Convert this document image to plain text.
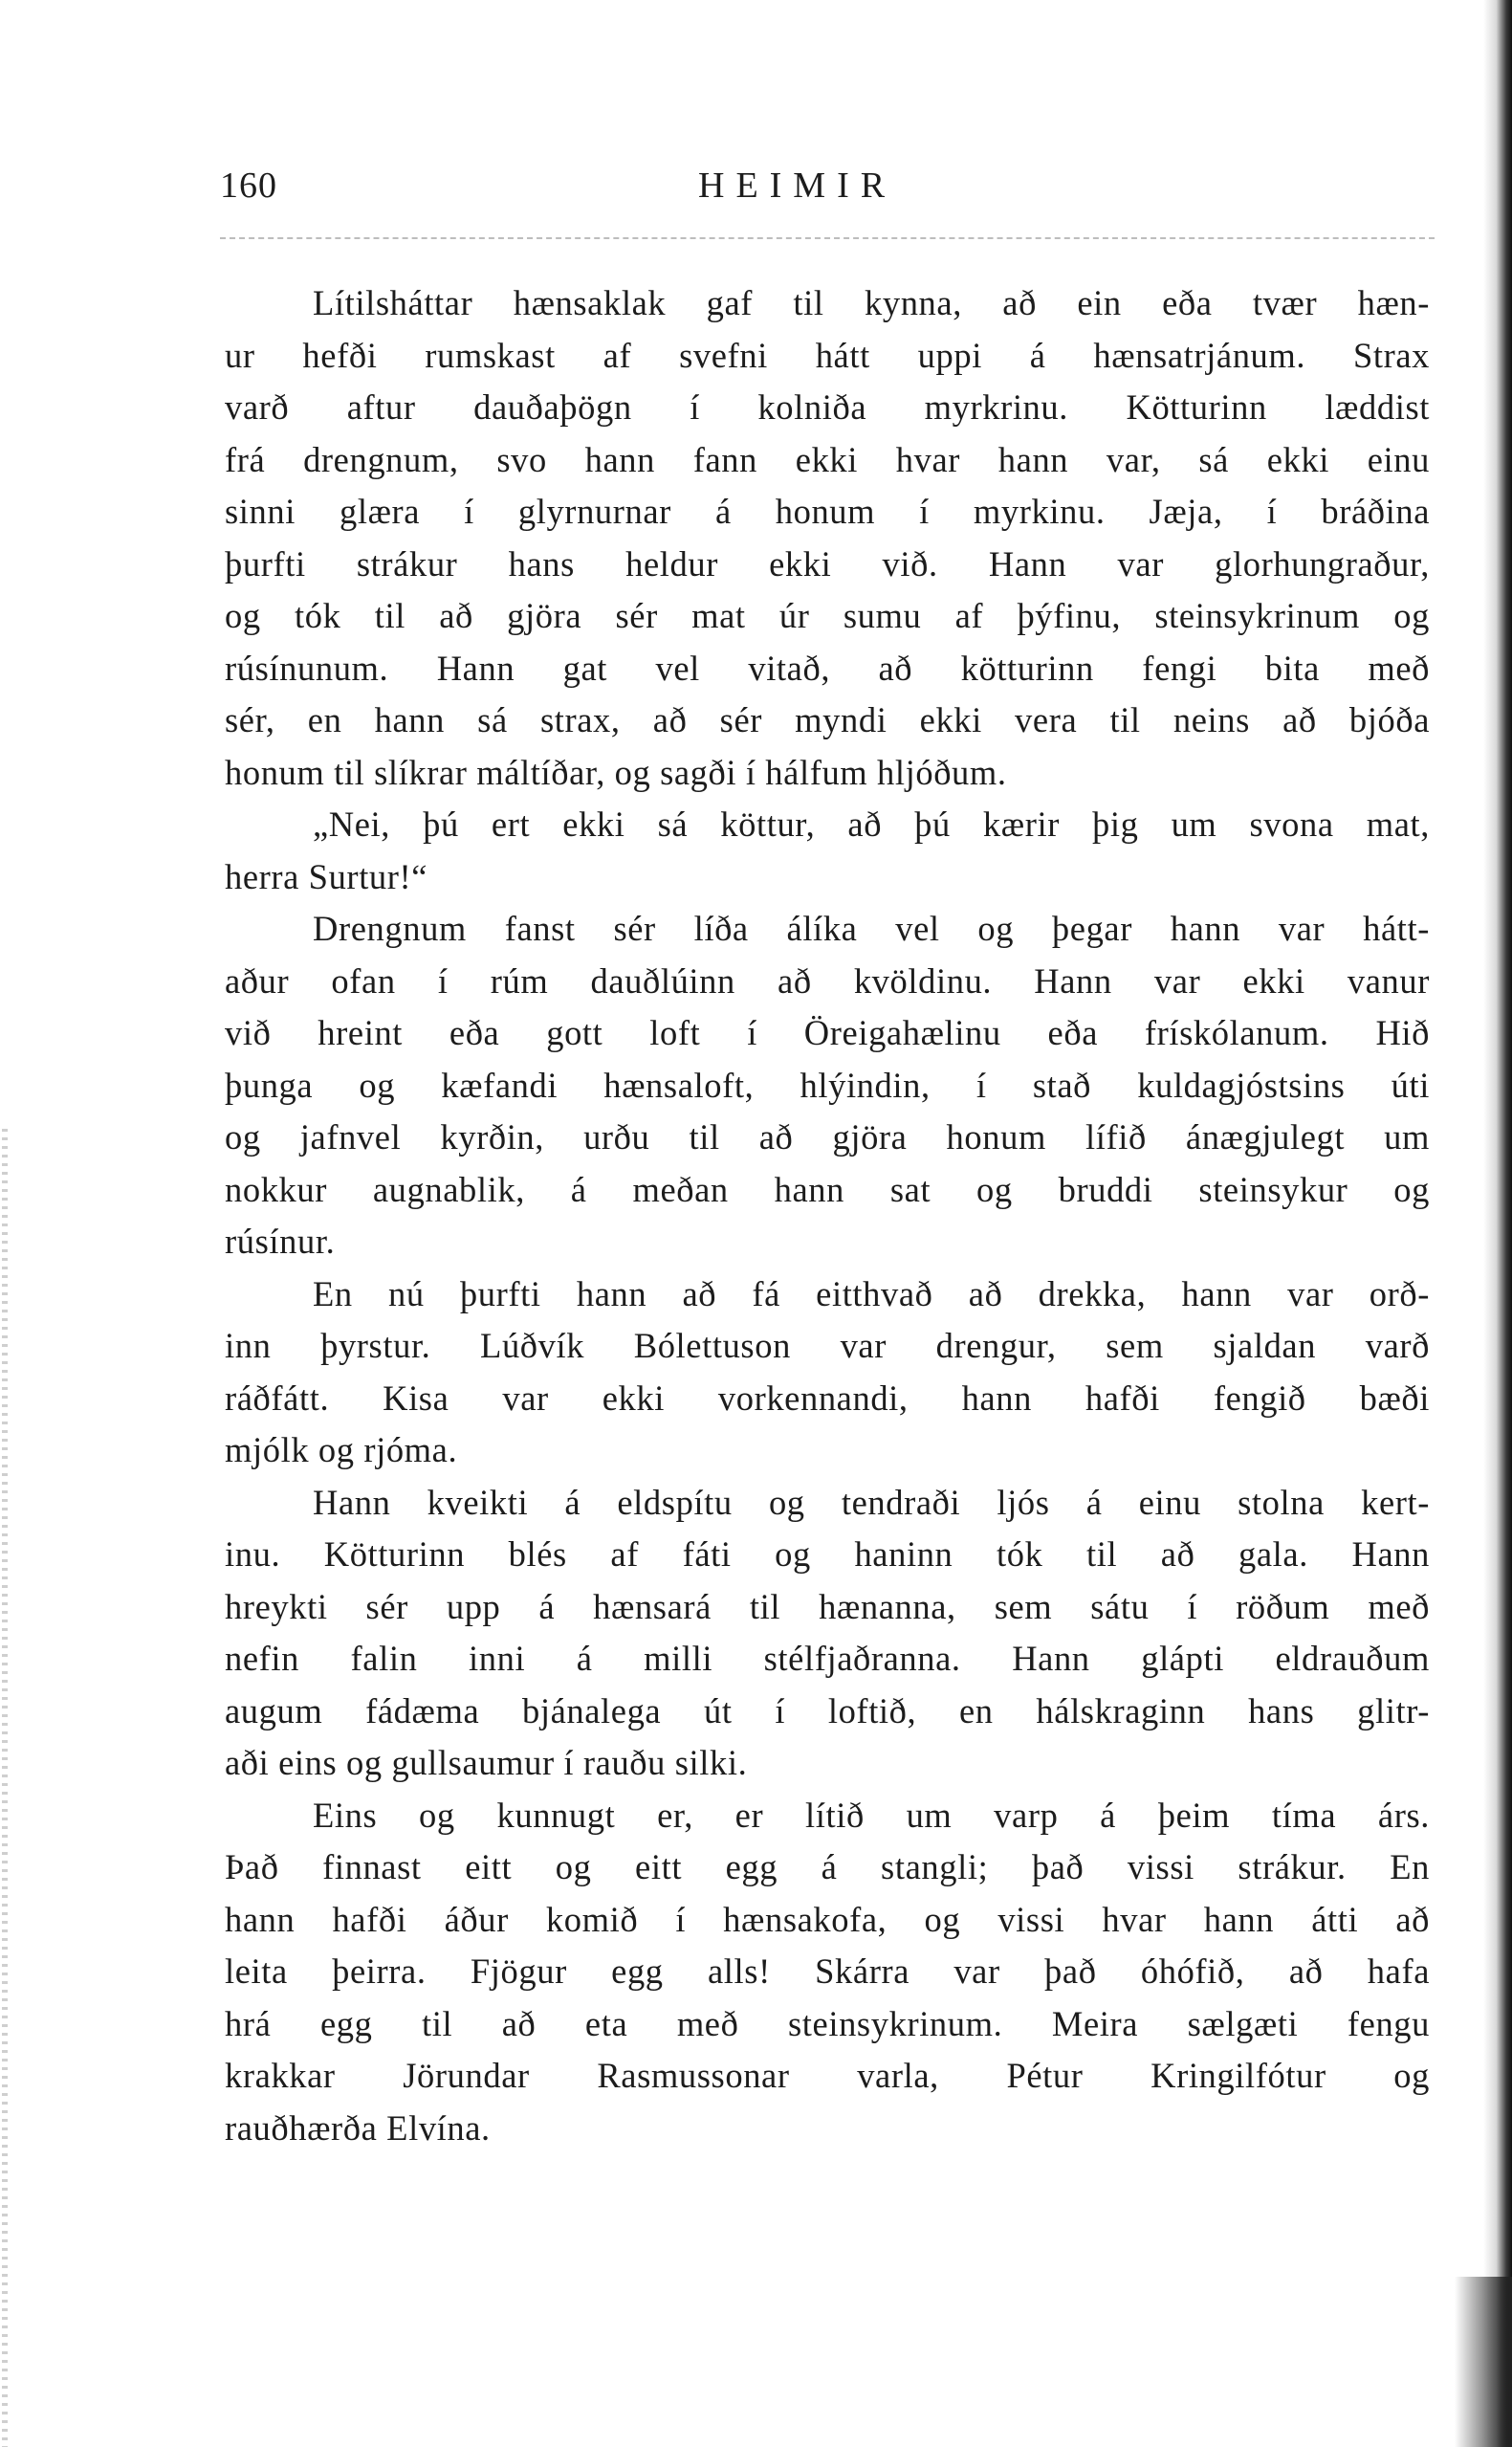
160	HEIMIR
Lítilsháttar hænsaklak gaf til kynna, að ein eða tvær hæn-
ur hefði rumskast af svefni hátt uppi á hænsatrjánum. Strax
varð aftur dauðaþögn í kolniða myrkrinu. Kötturinn læddist
frá drengnum, svo hann fann ekki hvar hann var, sá ekki einu
sinni glæra í glyrnurnar á honum í myrkinu. Jæja, í bráðina
þurfti strákur hans heldur ekki við. Hann var glorhungraður,
og tók til að gjöra sér mat úr sumu af þýfinu, steinsykrinum og
rúsínunum. Hann gat vel vitað, að kötturinn fengi bita með
sér, en hann sá strax, að sér myndi ekki vera til neins að bjóða
honum til slíkrar máltíðar, og sagði í hálfum hljóðum.
„Nei, þú ert ekki sá köttur, að þú kærir þig um svona mat,
herra Surtur!“
Drengnum fanst sér líða álíka vel og þegar hann var hátt-
aður ofan í rúm dauðlúinn að kvöldinu. Hann var ekki vanur
við hreint eða gott loft í Öreigahælinu eða frískólanum. Hið
þunga og kæfandi hænsaloft, hlýindin, í stað kuldagjóstsins úti
og jafnvel kyrðin, urðu til að gjöra honum lífið ánægjulegt um
nokkur augnablik, á meðan hann sat og bruddi steinsykur og
rúsínur.
En nú þurfti hann að fá eitthvað að drekka, hann var orð-
inn þyrstur. Lúðvík Bólettuson var drengur, sem sjaldan varð
ráðfátt. Kisa var ekki vorkennandi, hann hafði fengið bæði
mjólk og rjóma.
Hann kveikti á eldspítu og tendraði ljós á einu stolna kert-
inu. Kötturinn blés af fáti og haninn tók til að gala. Hann
hreykti sér upp á hænsará til hænanna, sem sátu í röðum með
nefin falin inni á milli stélfjaðranna. Hann glápti eldrauðum
augum fádæma bjánalega út í loftið, en hálskraginn hans glitr-
aði eins og gullsaumur í rauðu silki.
Eins og kunnugt er, er lítið um varp á þeim tíma árs.
Það finnast eitt og eitt egg á stangli; það vissi strákur. En
hann hafði áður komið í hænsakofa, og vissi hvar hann átti að
leita þeirra. Fjögur egg alls! Skárra var það óhófið, að hafa
hrá egg til að eta með steinsykrinum. Meira sælgæti fengu
krakkar Jörundar Rasmussonar varla, Pétur Kringilfótur og
rauðhærða Elvína.
